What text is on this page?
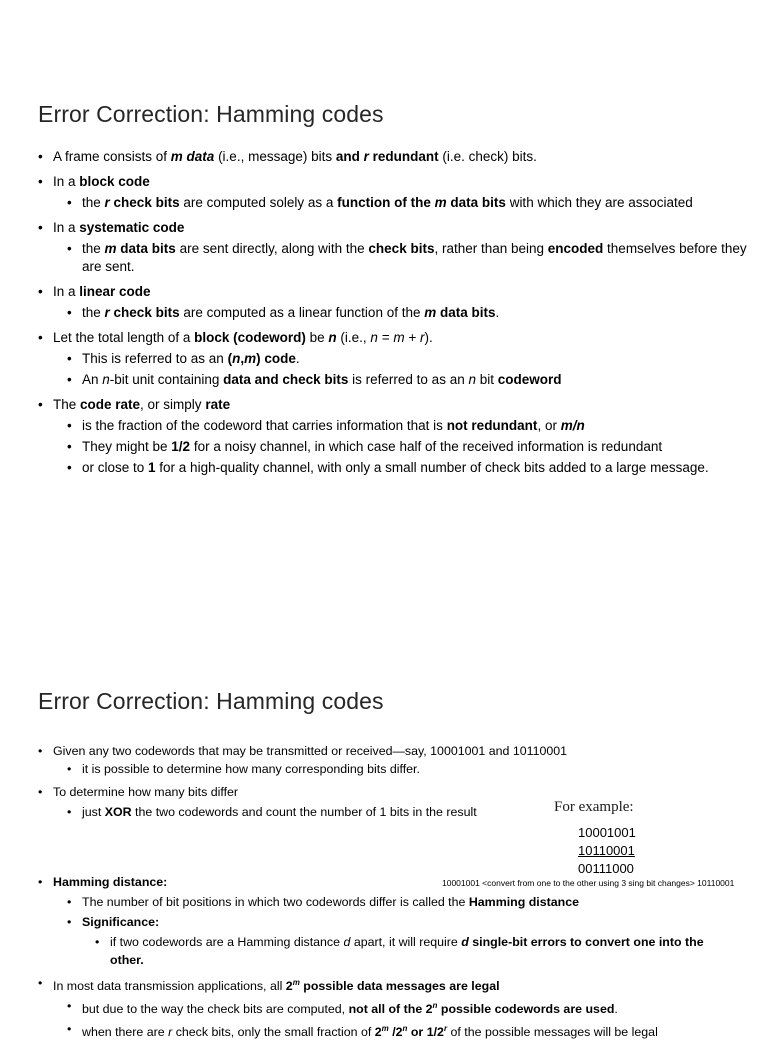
Error Correction: Hamming codes
• A frame consists of m data (i.e., message) bits and r redundant (i.e. check) bits.
• In a block code
• the r check bits are computed solely as a function of the m data bits with which they are associated
• In a systematic code
• the m data bits are sent directly, along with the check bits, rather than being encoded themselves before they are sent.
• In a linear code
• the r check bits are computed as a linear function of the m data bits.
• Let the total length of a block (codeword) be n (i.e., n = m + r).
• This is referred to as an (n,m) code.
• An n-bit unit containing data and check bits is referred to as an n bit codeword
• The code rate, or simply rate
• is the fraction of the codeword that carries information that is not redundant, or m/n
• They might be 1/2 for a noisy channel, in which case half of the received information is redundant
• or close to 1 for a high-quality channel, with only a small number of check bits added to a large message.
Error Correction: Hamming codes
• Given any two codewords that may be transmitted or received—say, 10001001 and 10110001
• it is possible to determine how many corresponding bits differ.
• To determine how many bits differ
• just XOR the two codewords and count the number of 1 bits in the result
• Hamming distance:
• The number of bit positions in which two codewords differ is called the Hamming distance
• Significance:
• if two codewords are a Hamming distance d apart, it will require d single-bit errors to convert one into the other.
• In most data transmission applications, all 2$^m$ possible data messages are legal
• but due to the way the check bits are computed, not all of the 2$^n$ possible codewords are used.
• when there are r check bits, only the small fraction of 2$^m$ /2$^n$ or 1/2$^r$ of the possible messages will be legal
For example:
10001001
10110001
00111000
10001001 <convert from one to the other using 3 sing bit changes> 10110001
